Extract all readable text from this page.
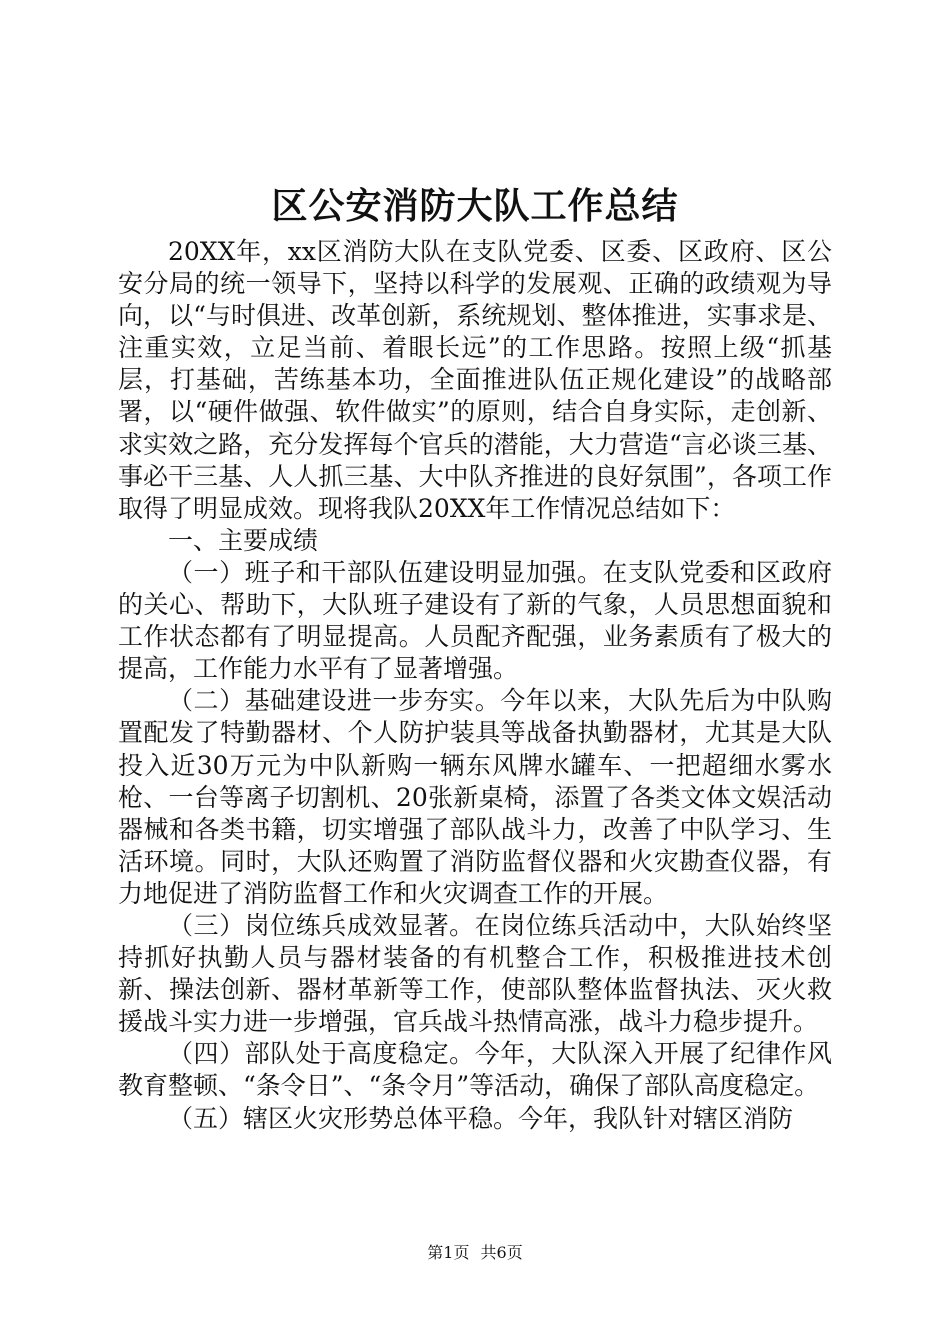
区公安消防大队工作总结

20XX年，xx区消防大队在支队党委、区委、区政府、区公安分局的统一领导下，坚持以科学的发展观、正确的政绩观为导向，以“与时俱进、改革创新，系统规划、整体推进，实事求是、注重实效，立足当前、着眼长远”的工作思路。按照上级“抓基层，打基础，苦练基本功，全面推进队伍正规化建设”的战略部署，以“硬件做强、软件做实”的原则，结合自身实际，走创新、求实效之路，充分发挥每个官兵的潜能，大力营造“言必谈三基、事必干三基、人人抓三基、大中队齐推进的良好氛围”，各项工作取得了明显成效。现将我队20XX年工作情况总结如下：

一、主要成绩

（一）班子和干部队伍建设明显加强。在支队党委和区政府的关心、帮助下，大队班子建设有了新的气象，人员思想面貌和工作状态都有了明显提高。人员配齐配强，业务素质有了极大的提高，工作能力水平有了显著增强。

（二）基础建设进一步夯实。今年以来，大队先后为中队购置配发了特勤器材、个人防护装具等战备执勤器材，尤其是大队投入近30万元为中队新购一辆东风牌水罐车、一把超细水雾水枪、一台等离子切割机、20张新桌椅，添置了各类文体文娱活动器械和各类书籍，切实增强了部队战斗力，改善了中队学习、生活环境。同时，大队还购置了消防监督仪器和火灾勘查仪器，有力地促进了消防监督工作和火灾调查工作的开展。

（三）岗位练兵成效显著。在岗位练兵活动中，大队始终坚持抓好执勤人员与器材装备的有机整合工作，积极推进技术创新、操法创新、器材革新等工作，使部队整体监督执法、灭火救援战斗实力进一步增强，官兵战斗热情高涨，战斗力稳步提升。

（四）部队处于高度稳定。今年，大队深入开展了纪律作风教育整顿、“条令日”、“条令月”等活动，确保了部队高度稳定。

（五）辖区火灾形势总体平稳。今年，我队针对辖区消防

第1页 共6页
